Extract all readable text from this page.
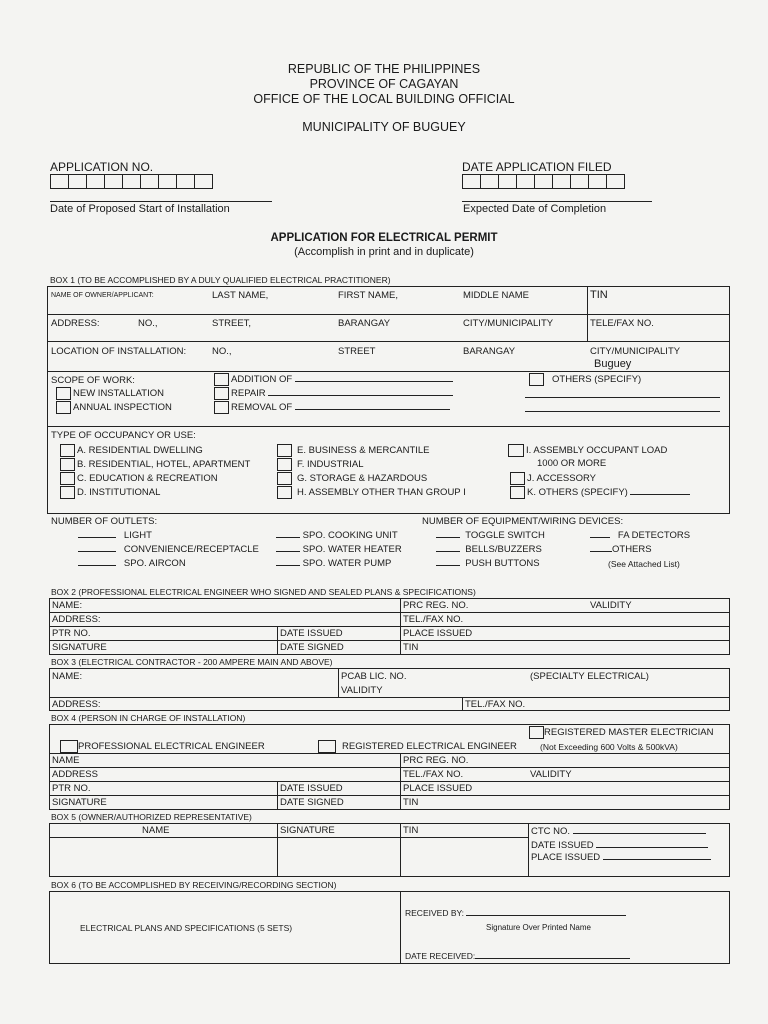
REPUBLIC OF THE PHILIPPINES
PROVINCE OF CAGAYAN
OFFICE OF THE LOCAL BUILDING OFFICIAL
MUNICIPALITY OF BUGUEY
APPLICATION NO.	DATE APPLICATION FILED
Date of Proposed Start of Installation	Expected Date of Completion
APPLICATION FOR ELECTRICAL PERMIT
(Accomplish in print and in duplicate)
BOX 1 (TO BE ACCOMPLISHED BY A DULY QUALIFIED ELECTRICAL PRACTITIONER)
NAME OF OWNER/APPLICANT:	LAST NAME,	FIRST NAME,	MIDDLE NAME	TIN
ADDRESS:	NO.,	STREET,	BARANGAY	CITY/MUNICIPALITY	TELE/FAX NO.
LOCATION OF INSTALLATION:	NO.,	STREET	BARANGAY	CITY/MUNICIPALITY
Buguey
SCOPE OF WORK:
NEW INSTALLATION
ANNUAL INSPECTION
ADDITION OF
REPAIR
REMOVAL OF
OTHERS (SPECIFY)
TYPE OF OCCUPANCY OR USE:
A. RESIDENTIAL DWELLING
B. RESIDENTIAL, HOTEL, APARTMENT
C. EDUCATION & RECREATION
D. INSTITUTIONAL
E. BUSINESS & MERCANTILE
F. INDUSTRIAL
G. STORAGE & HAZARDOUS
H. ASSEMBLY OTHER THAN GROUP I
I. ASSEMBLY OCCUPANT LOAD
1000 OR MORE
J. ACCESSORY
K. OTHERS (SPECIFY)
NUMBER OF OUTLETS:
LIGHT
CONVENIENCE/RECEPTACLE
SPO. AIRCON
SPO. COOKING UNIT
SPO. WATER HEATER
SPO. WATER PUMP
NUMBER OF EQUIPMENT/WIRING DEVICES:
TOGGLE SWITCH
BELLS/BUZZERS
PUSH BUTTONS
FA DETECTORS
OTHERS
(See Attached List)
BOX 2 (PROFESSIONAL ELECTRICAL ENGINEER WHO SIGNED AND SEALED PLANS & SPECIFICATIONS)
NAME:	PRC REG. NO.	VALIDITY
ADDRESS:	TEL./FAX NO.
PTR NO.	DATE ISSUED	PLACE ISSUED
SIGNATURE	DATE SIGNED	TIN
BOX 3 (ELECTRICAL CONTRACTOR - 200 AMPERE MAIN AND ABOVE)
NAME:	PCAB LIC. NO.	(SPECIALTY ELECTRICAL)
VALIDITY
ADDRESS:	TEL./FAX NO.
BOX 4 (PERSON IN CHARGE OF INSTALLATION)
REGISTERED MASTER ELECTRICIAN
PROFESSIONAL ELECTRICAL ENGINEER	REGISTERED ELECTRICAL ENGINEER	(Not Exceeding 600 Volts & 500kVA)
NAME	PRC REG. NO.
ADDRESS	TEL./FAX NO.	VALIDITY
PTR NO.	DATE ISSUED	PLACE ISSUED
SIGNATURE	DATE SIGNED	TIN
BOX 5 (OWNER/AUTHORIZED REPRESENTATIVE)
NAME	SIGNATURE	TIN	CTC NO.
DATE ISSUED
PLACE ISSUED
BOX 6 (TO BE ACCOMPLISHED BY RECEIVING/RECORDING SECTION)
ELECTRICAL PLANS AND SPECIFICATIONS (5 SETS)
RECEIVED BY:
Signature Over Printed Name
DATE RECEIVED:
